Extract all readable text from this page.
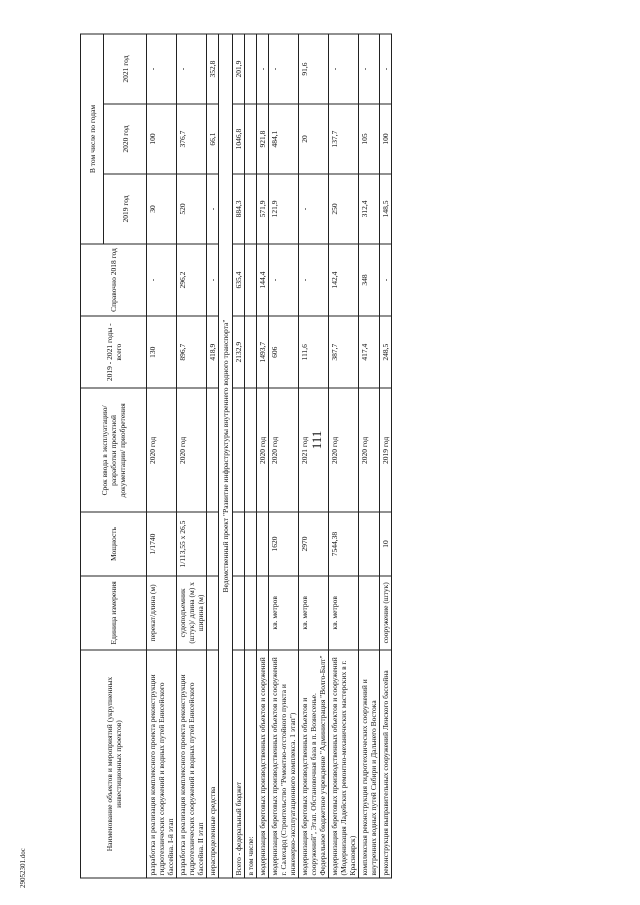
111
29052301.doc
Наименование объектов и мероприятий (укрупненных инвестиционных проектов)	Единица измерения	Мощность	Срок ввода в эксплуатацию/ разработки проектной документации/ приобретения	2019 - 2021 годы - всего	Справочно 2018 год	В том числе по годам		
						2019 год	2020 год	2021 год
разработка и реализация комплексного проекта реконструкции гидротехнических сооружений и водных путей Енисейского бассейна. I-й этап	перекат/длина (м)	1/1740	2020 год	130	-	30	100	-
разработка и реализация комплексного проекта реконструкции гидротехнических сооружений и водных путей Енисейского бассейна. II этап	судоподъемник (штук)/ длина (м) х ширина (м)	1/113,55 х 26,5	2020 год	896,7	296,2	520	376,7	-
нераспределенные средства				418,9	-	-	66,1	352,8
Ведомственный проект "Развитие инфраструктуры внутреннего водного транспорта"								
Всего - федеральный бюджет				2132,9	635,4	884,3	1046,8	201,9
в том числе:								
модернизация береговых производственных объектов и сооружений			2020 год	1493,7	144,4	571,9	921,8	-
модернизация береговых производственных объектов и сооружений г. Салехард (Строительство "Ремонтно-отстойного пункта и инженерно-эксплуатационного комплекса. 1 этап")	кв. метров	1620	2020 год	606	-	121,9	484,1	-
модернизация береговых производственных объектов и сооружений", Этап. Обстановочная база в п. Вознесенье. Федеральное бюджетное учреждение "Администрация "Волго-Балт"	кв. метров	2970	2021 год	111,6	-	-	20	91,6
модернизация береговых производственных объектов и сооружений (Модернизация Ладейских ремонтно-механических мастерских в г. Красноярск)	кв. метров	7544,38	2020 год	387,7	142,4	250	137,7	-
комплексная реконструкция гидротехнических сооружений и внутренних водных путей Сибири и Дальнего Востока			2020 год	417,4	348	312,4	105	-
реконструкция выправительных сооружений Ленского бассейна	сооружение (штук)	10	2019 год	248,5	-	148,5	100	-
